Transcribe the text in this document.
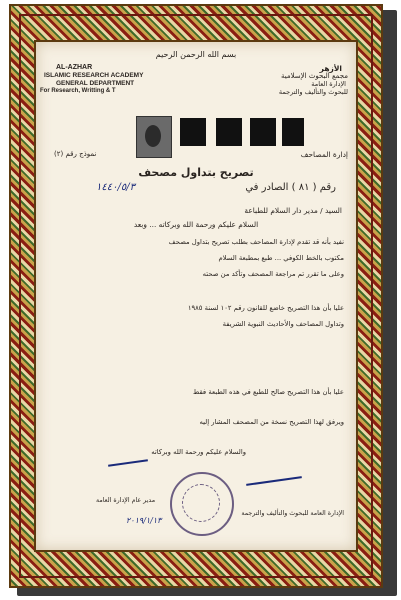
بسم الله الرحمن الرحيم
AL-AZHAR
ISLAMIC RESEARCH ACADEMY
GENERAL DEPARTMENT
For Research, Writting & T
الأزهر
مجمع البحوث الإسلامية
الإدارة العامة
للبحوث والتأليف والترجمة
نموذج رقم (٢)	إدارة المصاحف
تصريح بتداول مصحف
رقم ( ٨١ ) الصادر في
١٤٤٠/٥/٣
السيد / مدير دار السلام للطباعة
السلام عليكم ورحمة الله وبركاته ... وبعد
نفيد بأنه قد تقدم لإدارة المصاحف بطلب تصريح بتداول مصحف
مكتوب بالخط الكوفي ... طبع بمطبعة السلام
وعلى ما تقرر تم مراجعة المصحف وتأكد من صحته
عليا بأن هذا التصريح خاضع للقانون رقم ١٠٢ لسنة ١٩٨٥
وتداول المصاحف والأحاديث النبوية الشريفة
عليا بأن هذا التصريح صالح للطبع في هذه الطبعة فقط
ويرفق لهذا التصريح نسخة من المصحف المشار إليه
والسلام عليكم ورحمة الله وبركاته
مدير عام الإدارة العامة
الإدارة العامة للبحوث والتأليف والترجمة
٢٠١٩/١/١٣
